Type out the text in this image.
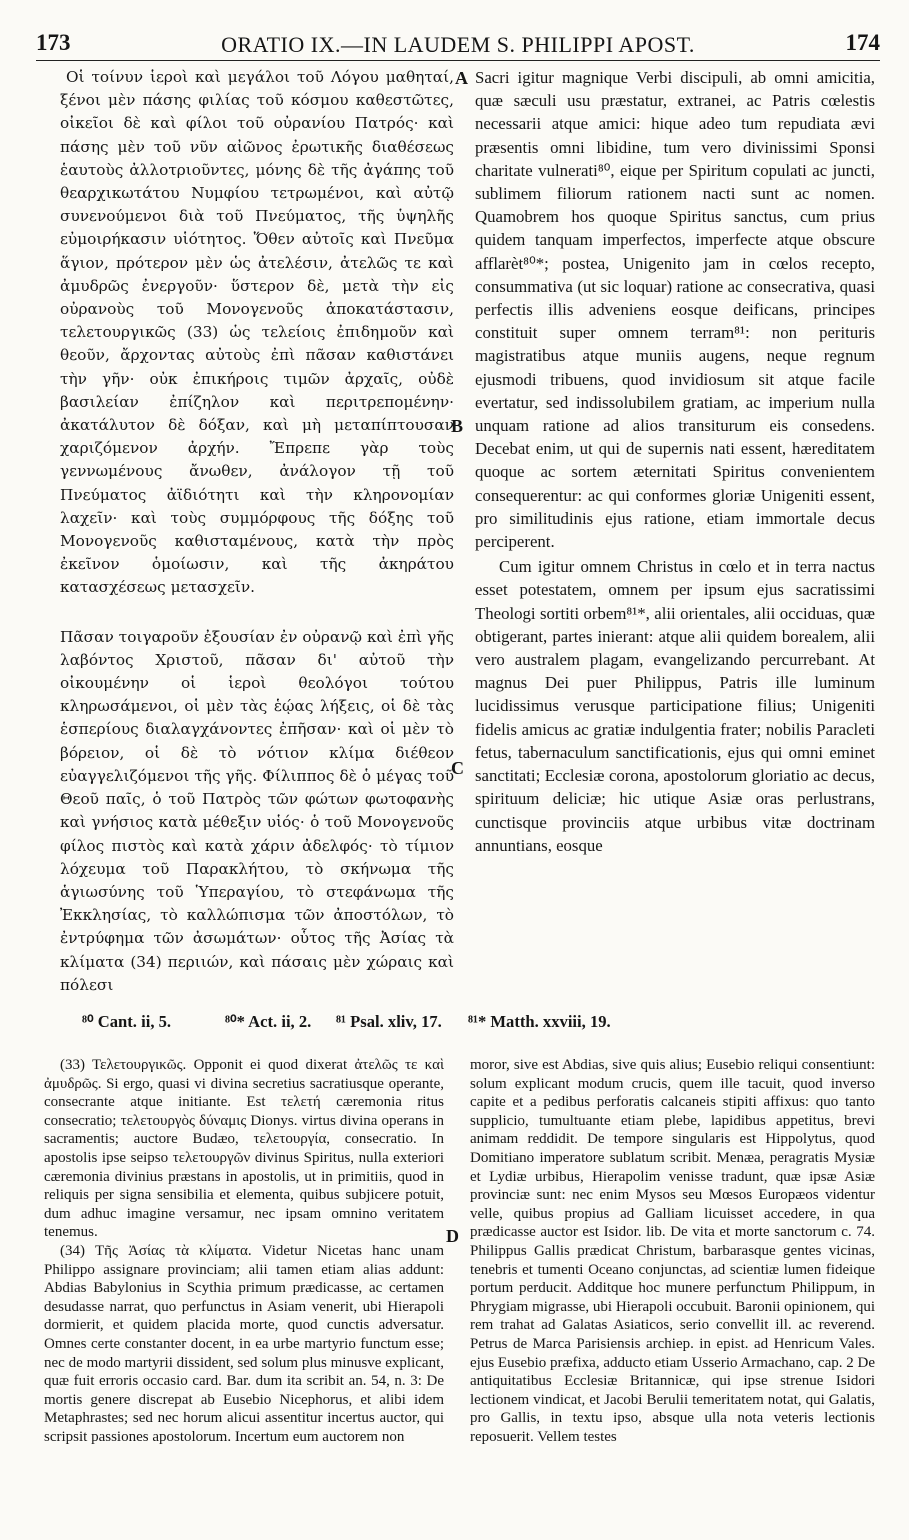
173	ORATIO IX.—IN LAUDEM S. PHILIPPI APOST.	174

Οἱ τοίνυν ἱεροὶ καὶ μεγάλοι τοῦ Λόγου μαθηταί, ξένοι μὲν πάσης φιλίας τοῦ κόσμου καθεστῶτες, οἰκεῖοι δὲ καὶ φίλοι τοῦ οὐρανίου Πατρός· καὶ πάσης μὲν τοῦ νῦν αἰῶνος ἐρωτικῆς διαθέσεως ἑαυτοὺς ἀλλοτριοῦντες, μόνης δὲ τῆς ἀγάπης τοῦ θεαρχικωτάτου Νυμφίου τετρωμένοι, καὶ αὐτῷ συνενούμενοι διὰ τοῦ Πνεύματος, τῆς ὑψηλῆς εὐμοιρήκασιν υἱότητος. Ὅθεν αὐτοῖς καὶ Πνεῦμα ἅγιον, πρότερον μὲν ὡς ἀτελέσιν, ἀτελῶς τε καὶ ἀμυδρῶς ἐνεργοῦν· ὕστερον δὲ, μετὰ τὴν εἰς οὐρανοὺς τοῦ Μονογενοῦς ἀποκατάστασιν, τελετουργικῶς (33) ὡς τελείοις ἐπιδημοῦν καὶ θεοῦν, ἄρχοντας αὐτοὺς ἐπὶ πᾶσαν καθιστάνει τὴν γῆν· οὐκ ἐπικήροις τιμῶν ἀρχαῖς, οὐδὲ βασιλείαν ἐπίζηλον καὶ περιτρεπομένην· ἀκατάλυτον δὲ δόξαν, καὶ μὴ μεταπίπτουσαν χαριζόμενον ἀρχήν. Ἔπρεπε γὰρ τοὺς γεννωμένους ἄνωθεν, ἀνάλογον τῇ τοῦ Πνεύματος ἀϊδιότητι καὶ τὴν κληρονομίαν λαχεῖν· καὶ τοὺς συμμόρφους τῆς δόξης τοῦ Μονογενοῦς καθισταμένους, κατὰ τὴν πρὸς ἐκεῖνον ὁμοίωσιν, καὶ τῆς ἀκηράτου κατασχέσεως μετασχεῖν.

Πᾶσαν τοιγαροῦν ἐξουσίαν ἐν οὐρανῷ καὶ ἐπὶ γῆς λαβόντος Χριστοῦ, πᾶσαν δι' αὐτοῦ τὴν οἰκουμένην οἱ ἱεροὶ θεολόγοι τούτου κληρωσάμενοι, οἱ μὲν τὰς ἑῴας λήξεις, οἱ δὲ τὰς ἑσπερίους διαλαγχάνοντες ἐπῆσαν· καὶ οἱ μὲν τὸ βόρειον, οἱ δὲ τὸ νότιον κλίμα διέθεον εὐαγγελιζόμενοι τῆς γῆς. Φίλιππος δὲ ὁ μέγας τοῦ Θεοῦ παῖς, ὁ τοῦ Πατρὸς τῶν φώτων φωτοφανὴς καὶ γνήσιος κατὰ μέθεξιν υἱός· ὁ τοῦ Μονογενοῦς φίλος πιστὸς καὶ κατὰ χάριν ἀδελφός· τὸ τίμιον λόχευμα τοῦ Παρακλήτου, τὸ σκήνωμα τῆς ἁγιωσύνης τοῦ Ὑπεραγίου, τὸ στεφάνωμα τῆς Ἐκκλησίας, τὸ καλλώπισμα τῶν ἀποστόλων, τὸ ἐντρύφημα τῶν ἀσωμάτων· οὗτος τῆς Ἀσίας τὰ κλίματα (34) περιιών, καὶ πάσαις μὲν χώραις καὶ πόλεσι

A
B
C
D

Sacri igitur magnique Verbi discipuli, ab omni amicitia, quæ sæculi usu præstatur, extranei, ac Patris cœlestis necessarii atque amici: hique adeo tum repudiata ævi præsentis omni libidine, tum vero divinissimi Sponsi charitate vulnerati⁸⁰, eique per Spiritum copulati ac juncti, sublimem filiorum rationem nacti sunt ac nomen. Quamobrem hos quoque Spiritus sanctus, cum prius quidem tanquam imperfectos, imperfecte atque obscure afflarèt⁸⁰*; postea, Unigenito jam in cœlos recepto, consummativa (ut sic loquar) ratione ac consecrativa, quasi perfectis illis adveniens eosque deificans, principes constituit super omnem terram⁸¹: non perituris magistratibus atque muniis augens, neque regnum ejusmodi tribuens, quod invidiosum sit atque facile evertatur, sed indissolubilem gratiam, ac imperium nulla unquam ratione ad alios transiturum eis consedens. Decebat enim, ut qui de supernis nati essent, hæreditatem quoque ac sortem æternitati Spiritus convenientem consequerentur: ac qui conformes gloriæ Unigeniti essent, pro similitudinis ejus ratione, etiam immortale decus perciperent.

Cum igitur omnem Christus in cœlo et in terra nactus esset potestatem, omnem per ipsum ejus sacratissimi Theologi sortiti orbem⁸¹*, alii orientales, alii occiduas, quæ obtigerant, partes inierant: atque alii quidem borealem, alii vero australem plagam, evangelizando percurrebant. At magnus Dei puer Philippus, Patris ille luminum lucidissimus verusque participatione filius; Unigeniti fidelis amicus ac gratiæ indulgentia frater; nobilis Paracleti fetus, tabernaculum sanctificationis, ejus qui omni eminet sanctitati; Ecclesiæ corona, apostolorum gloriatio ac decus, spirituum deliciæ; hic utique Asiæ oras perlustrans, cunctisque provinciis atque urbibus vitæ doctrinam annuntians, eosque

⁸⁰ Cant. ii, 5.	⁸⁰* Act. ii, 2. ⁸¹ Psal. xliv, 17. ⁸¹* Matth. xxviii, 19.

(33) Τελετουργικῶς. Opponit ei quod dixerat ἀτελῶς τε καὶ ἀμυδρῶς. Si ergo, quasi vi divina secretius sacratiusque operante, consecrante atque initiante. Est τελετή cæremonia ritus consecratio; τελετουργὸς δύναμις Dionys. virtus divina operans in sacramentis; auctore Budæo, τελετουργία, consecratio. In apostolis ipse seipso τελετουργῶν divinus Spiritus, nulla exteriori cæremonia divinius præstans in apostolis, ut in primitiis, quod in reliquis per signa sensibilia et elementa, quibus subjicere potuit, dum adhuc imagine versamur, nec ipsam omnino veritatem tenemus.

(34) Τῆς Ἀσίας τὰ κλίματα. Videtur Nicetas hanc unam Philippo assignare provinciam; alii tamen etiam alias addunt: Abdias Babylonius in Scythia primum prædicasse, ac certamen desudasse narrat, quo perfunctus in Asiam venerit, ubi Hierapoli dormierit, et quidem placida morte, quod cunctis adversatur. Omnes certe constanter docent, in ea urbe martyrio functum esse; nec de modo martyrii dissident, sed solum plus minusve explicant, quæ fuit erroris occasio card. Bar. dum ita scribit an. 54, n. 3: De mortis genere discrepat ab Eusebio Nicephorus, et alibi idem Metaphrastes; sed nec horum alicui assentitur incertus auctor, qui scripsit passiones apostolorum. Incertum eum auctorem non

moror, sive est Abdias, sive quis alius; Eusebio reliqui consentiunt: solum explicant modum crucis, quem ille tacuit, quod inverso capite et a pedibus perforatis calcaneis stipiti affixus: quo tanto supplicio, tumultuante etiam plebe, lapidibus appetitus, brevi animam reddidit. De tempore singularis est Hippolytus, quod Domitiano imperatore sublatum scribit. Menæa, peragratis Mysiæ et Lydiæ urbibus, Hierapolim venisse tradunt, quæ ipsæ Asiæ provinciæ sunt: nec enim Mysos seu Mœsos Europæos videntur velle, quibus propius ad Galliam licuisset accedere, in qua prædicasse auctor est Isidor. lib. De vita et morte sanctorum c. 74. Philippus Gallis prædicat Christum, barbarasque gentes vicinas, tenebris et tumenti Oceano conjunctas, ad scientiæ lumen fideique portum perducit. Additque hoc munere perfunctum Philippum, in Phrygiam migrasse, ubi Hierapoli occubuit. Baronii opinionem, qui rem trahat ad Galatas Asiaticos, serio convellit ill. ac reverend. Petrus de Marca Parisiensis archiep. in epist. ad Henricum Vales. ejus Eusebio præfixa, adducto etiam Usserio Armachano, cap. 2 De antiquitatibus Ecclesiæ Britannicæ, qui ipse strenue Isidori lectionem vindicat, et Jacobi Berulii temeritatem notat, qui Galatis, pro Gallis, in textu ipso, absque ulla nota veteris lectionis reposuerit. Vellem testes
